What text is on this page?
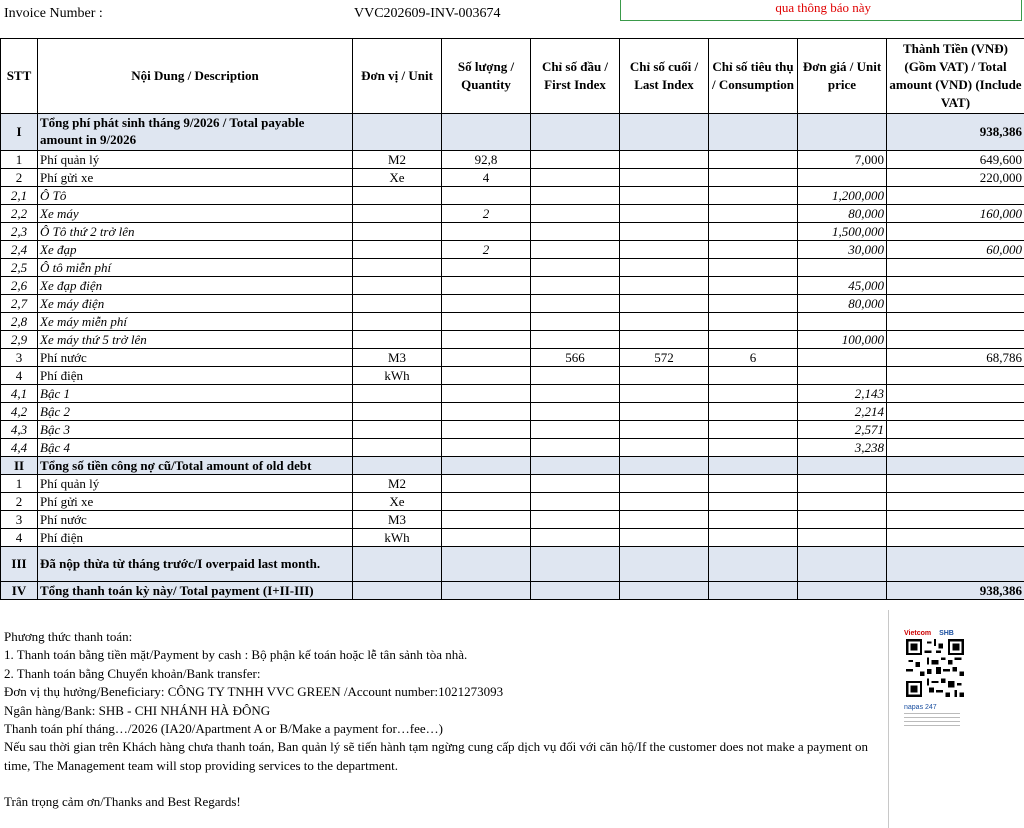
Invoice Number :	VVC202609-INV-003674	qua thông báo này
STT	Nội Dung / Description	Đơn vị / Unit	Số lượng / Quantity	Chỉ số đầu / First Index	Chỉ số cuối / Last Index	Chỉ số tiêu thụ / Consumption	Đơn giá / Unit price	Thành Tiền (VNĐ) (Gồm VAT) / Total amount (VND) (Include VAT)
I	Tổng phí phát sinh tháng 9/2026 / Total payable amount in 9/2026							938,386
1	Phí quản lý	M2	92,8				7,000	649,600
2	Phí gửi xe	Xe	4					220,000
2,1	Ô Tô						1,200,000	
2,2	Xe máy		2				80,000	160,000
2,3	Ô Tô thứ 2 trở lên						1,500,000	
2,4	Xe đạp		2				30,000	60,000
2,5	Ô tô miễn phí							
2,6	Xe đạp điện						45,000	
2,7	Xe máy điện						80,000	
2,8	Xe máy miễn phí							
2,9	Xe máy thứ 5 trở lên						100,000	
3	Phí nước	M3		566	572	6		68,786
4	Phí điện	kWh						
4,1	Bậc 1						2,143	
4,2	Bậc 2						2,214	
4,3	Bậc 3						2,571	
4,4	Bậc 4						3,238	
II	Tổng số tiền công nợ cũ/Total amount of old debt							
1	Phí quản lý	M2						
2	Phí gửi xe	Xe						
3	Phí nước	M3						
4	Phí điện	kWh						
III	Đã nộp thừa từ tháng trước/I overpaid last month.							
IV	Tổng thanh toán kỳ này/ Total payment (I+II-III)							938,386
Phương thức thanh toán:
1. Thanh toán bằng tiền mặt/Payment by cash : Bộ phận kế toán hoặc lễ tân sảnh tòa nhà.
2. Thanh toán bằng Chuyển khoản/Bank transfer:
Đơn vị thụ hưởng/Beneficiary: CÔNG TY TNHH VVC GREEN /Account number:1021273093
Ngân hàng/Bank: SHB - CHI NHÁNH HÀ ĐÔNG
Thanh toán phí tháng…/2026 (IA20/Apartment A or B/Make a payment for…fee…)
Nếu sau thời gian trên Khách hàng chưa thanh toán, Ban quản lý sẽ tiến hành tạm ngừng cung cấp dịch vụ đối với căn hộ/If the customer does not make a payment on time, The Management team will stop providing services to the department.
Trân trọng cảm ơn/Thanks and Best Regards!
Vietcom SHB
napas 247
